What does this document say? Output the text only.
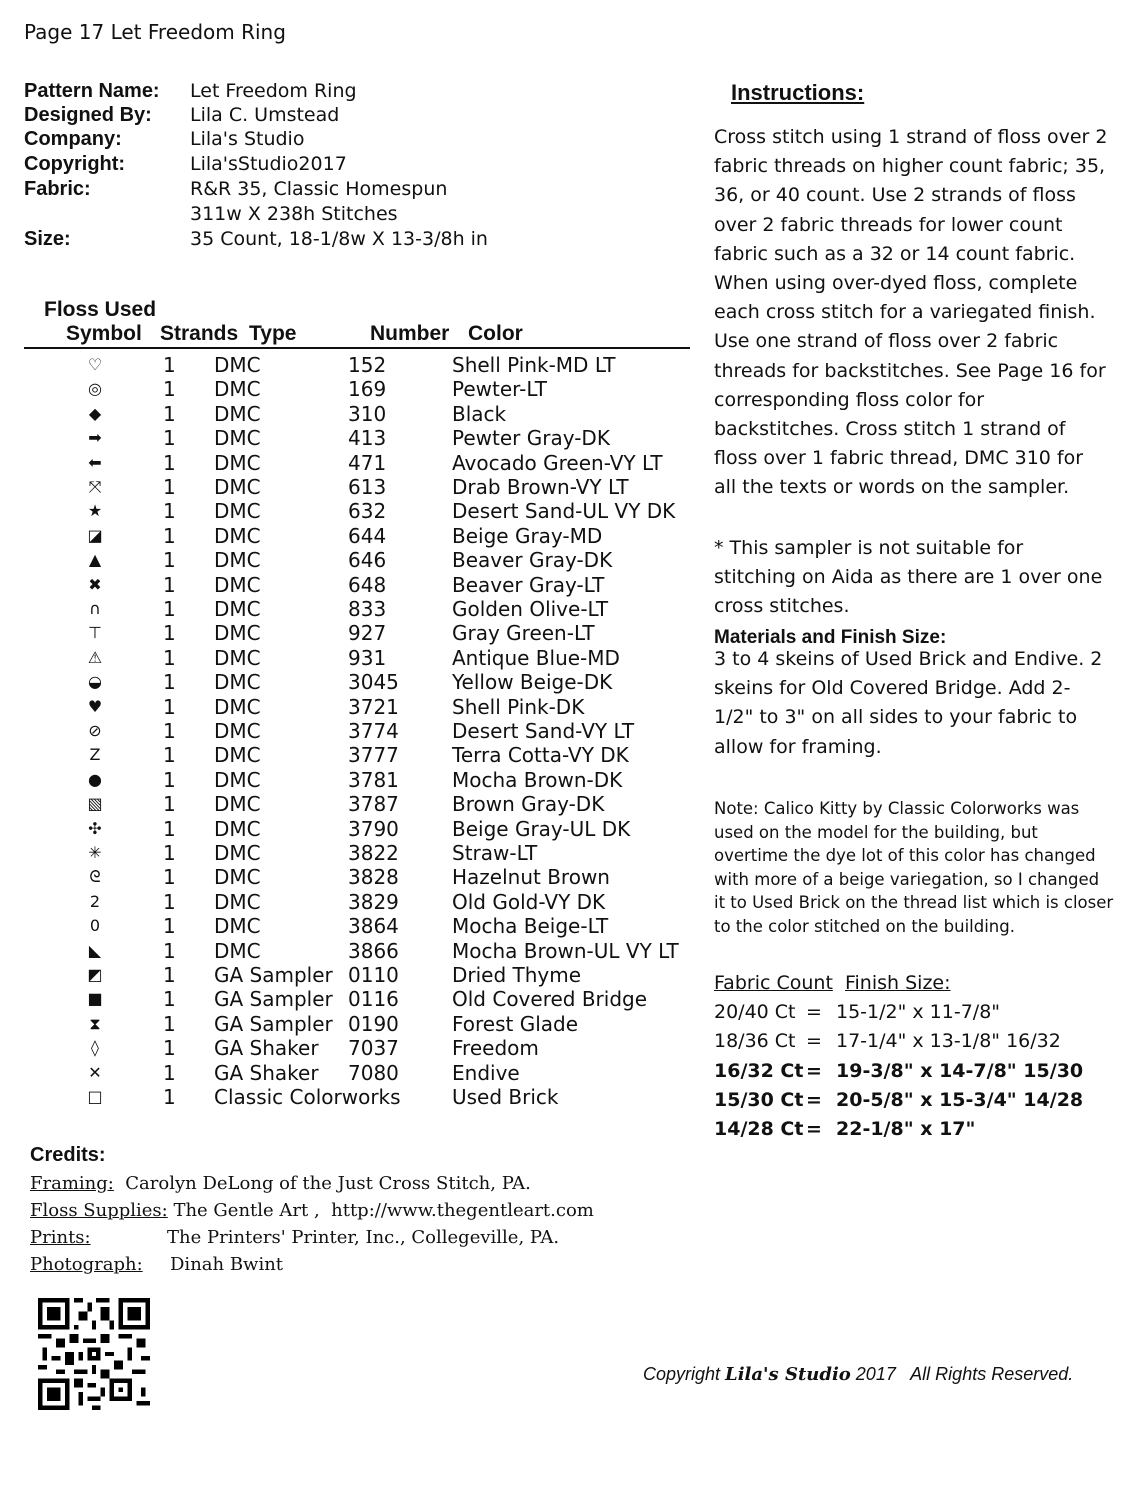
Page 17 Let Freedom Ring
Pattern Name: Let Freedom Ring
Designed By: Lila C. Umstead
Company:	Lila's Studio
Copyright:	Lila'sStudio2017
Fabric:	R&R 35, Classic Homespun
311w X 238h Stitches
Size:	35 Count, 18-1/8w X 13-3/8h in
Floss Used
Symbol Strands Type	Number Color
♡	1 DMC	152	Shell Pink-MD LT
◎	1 DMC	169	Pewter-LT
◆	1 DMC	310	Black
➡	1 DMC	413	Pewter Gray-DK
⬅	1 DMC	471	Avocado Green-VY LT
⤧	1 DMC	613	Drab Brown-VY LT
★	1 DMC	632	Desert Sand-UL VY DK
◪	1 DMC	644	Beige Gray-MD
▲	1 DMC	646	Beaver Gray-DK
✖	1 DMC	648	Beaver Gray-LT
∩	1 DMC	833	Golden Olive-LT
⊤	1 DMC	927	Gray Green-LT
⚠	1 DMC	931	Antique Blue-MD
◒	1 DMC	3045	Yellow Beige-DK
♥	1 DMC	3721	Shell Pink-DK
⊘	1 DMC	3774	Desert Sand-VY LT
Z	1 DMC	3777	Terra Cotta-VY DK
●	1 DMC	3781	Mocha Brown-DK
▧	1 DMC	3787	Brown Gray-DK
✣	1 DMC	3790	Beige Gray-UL DK
✳	1 DMC	3822	Straw-LT
ᘓ	1 DMC	3828	Hazelnut Brown
2	1 DMC	3829	Old Gold-VY DK
0	1 DMC	3864	Mocha Beige-LT
◣	1 DMC	3866	Mocha Brown-UL VY LT
◩	1 GA Sampler 0110	Dried Thyme
■	1 GA Sampler 0116	Old Covered Bridge
⧗	1 GA Sampler 0190	Forest Glade
◊	1 GA Shaker 7037	Freedom
✕	1 GA Shaker 7080	Endive
□	1 Classic Colorworks	Used Brick
Instructions:
Cross stitch using 1 strand of floss over 2 fabric threads on higher count fabric; 35, 36, or 40 count. Use 2 strands of floss over 2 fabric threads for lower count fabric such as a 32 or 14 count fabric. When using over-dyed floss, complete each cross stitch for a variegated finish. Use one strand of floss over 2 fabric threads for backstitches. See Page 16 for corresponding floss color for backstitches. Cross stitch 1 strand of floss over 1 fabric thread, DMC 310 for all the texts or words on the sampler.
* This sampler is not suitable for stitching on Aida as there are 1 over one cross stitches.
Materials and Finish Size:
3 to 4 skeins of Used Brick and Endive. 2 skeins for Old Covered Bridge. Add 2-1/2" to 3" on all sides to your fabric to allow for framing.
Note: Calico Kitty by Classic Colorworks was used on the model for the building, but overtime the dye lot of this color has changed with more of a beige variegation, so I changed it to Used Brick on the thread list which is closer to the color stitched on the building.
Fabric Count Finish Size:
20/40 Ct = 15-1/2" x 11-7/8"
18/36 Ct = 17-1/4" x 13-1/8" 16/32
16/32 Ct = 19-3/8" x 14-7/8" 15/30
15/30 Ct = 20-5/8" x 15-3/4" 14/28
14/28 Ct = 22-1/8" x 17"
Credits:
Framing:  Carolyn DeLong of the Just Cross Stitch, PA.
Floss Supplies: The Gentle Art ,  http://www.thegentleart.com
Prints:	The Printers' Printer, Inc., Collegeville, PA.
Photograph: Dinah Bwint
Copyright Lila's Studio 2017   All Rights Reserved.
